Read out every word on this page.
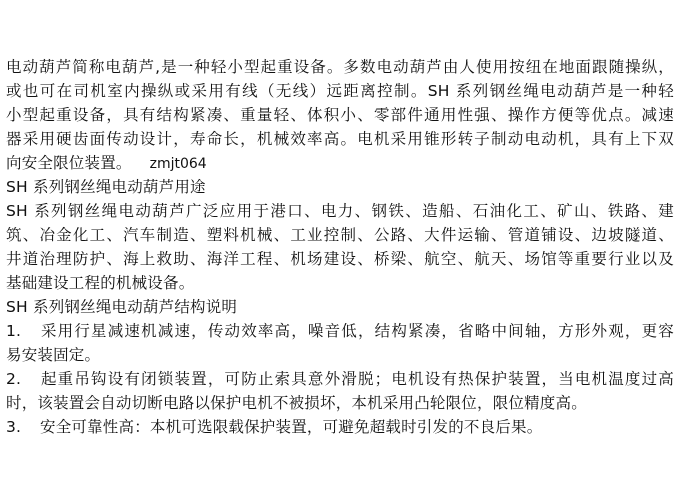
电动葫芦简称电葫芦,是一种轻小型起重设备。多数电动葫芦由人使用按纽在地面跟随操纵，
或也可在司机室内操纵或采用有线（无线）远距离控制。SH 系列钢丝绳电动葫芦是一种轻
小型起重设备，具有结构紧凑、重量轻、体积小、零部件通用性强、操作方便等优点。减速
器采用硬齿面传动设计，寿命长，机械效率高。电机采用锥形转子制动电动机，具有上下双
向安全限位装置。 zmjt064
SH 系列钢丝绳电动葫芦用途
SH 系列钢丝绳电动葫芦广泛应用于港口、电力、钢铁、造船、石油化工、矿山、铁路、建
筑、冶金化工、汽车制造、塑料机械、工业控制、公路、大件运输、管道铺设、边坡隧道、
井道治理防护、海上救助、海洋工程、机场建设、桥梁、航空、航天、场馆等重要行业以及
基础建设工程的机械设备。
SH 系列钢丝绳电动葫芦结构说明
1. 采用行星减速机减速，传动效率高，噪音低，结构紧凑，省略中间轴，方形外观，更容
易安装固定。
2. 起重吊钩设有闭锁装置，可防止索具意外滑脱；电机设有热保护装置，当电机温度过高
时，该装置会自动切断电路以保护电机不被损坏，本机采用凸轮限位，限位精度高。
3. 安全可靠性高：本机可选限载保护装置，可避免超载时引发的不良后果。
